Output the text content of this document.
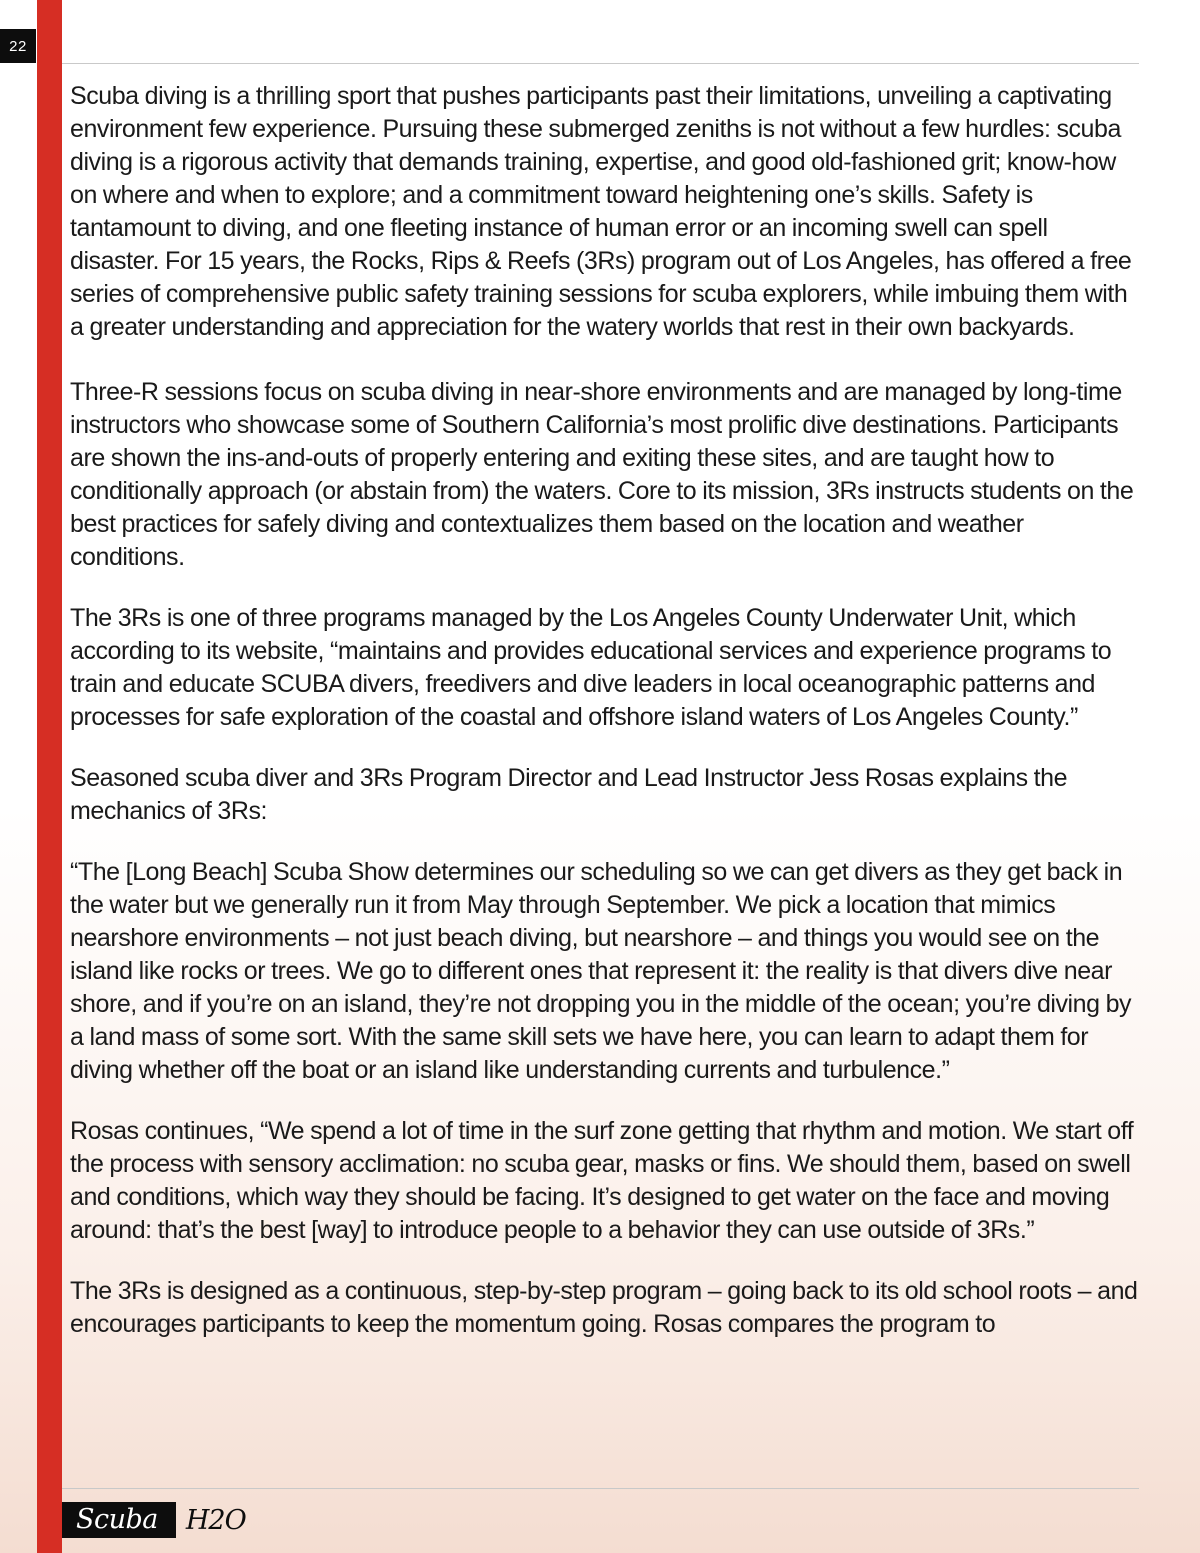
22

Scuba diving is a thrilling sport that pushes participants past their limitations, unveiling a captivating environment few experience. Pursuing these submerged zeniths is not without a few hurdles: scuba diving is a rigorous activity that demands training, expertise, and good old-fashioned grit; know-how on where and when to explore; and a commitment toward heightening one’s skills. Safety is tantamount to diving, and one fleeting instance of human error or an incoming swell can spell disaster. For 15 years, the Rocks, Rips & Reefs (3Rs) program out of Los Angeles, has offered a free series of comprehensive public safety training sessions for scuba explorers, while imbuing them with a greater understanding and appreciation for the watery worlds that rest in their own backyards.

Three-R sessions focus on scuba diving in near-shore environments and are managed by long-time instructors who showcase some of Southern California’s most prolific dive destinations. Participants are shown the ins-and-outs of properly entering and exiting these sites, and are taught how to conditionally approach (or abstain from) the waters. Core to its mission, 3Rs instructs students on the best practices for safely diving and contextualizes them based on the location and weather conditions.

The 3Rs is one of three programs managed by the Los Angeles County Underwater Unit, which according to its website, “maintains and provides educational services and experience programs to train and educate SCUBA divers, freedivers and dive leaders in local oceanographic patterns and processes for safe exploration of the coastal and offshore island waters of Los Angeles County.”

Seasoned scuba diver and 3Rs Program Director and Lead Instructor Jess Rosas explains the mechanics of 3Rs:

“The [Long Beach] Scuba Show determines our scheduling so we can get divers as they get back in the water but we generally run it from May through September. We pick a location that mimics nearshore environments – not just beach diving, but nearshore – and things you would see on the island like rocks or trees. We go to different ones that represent it: the reality is that divers dive near shore, and if you’re on an island, they’re not dropping you in the middle of the ocean; you’re diving by a land mass of some sort. With the same skill sets we have here, you can learn to adapt them for diving whether off the boat or an island like understanding currents and turbulence.”

Rosas continues, “We spend a lot of time in the surf zone getting that rhythm and motion. We start off the process with sensory acclimation: no scuba gear, masks or fins. We should them, based on swell and conditions, which way they should be facing. It’s designed to get water on the face and moving around: that’s the best [way] to introduce people to a behavior they can use outside of 3Rs.”

The 3Rs is designed as a continuous, step-by-step program – going back to its old school roots – and encourages participants to keep the momentum going. Rosas compares the program to

Scuba	H2O
